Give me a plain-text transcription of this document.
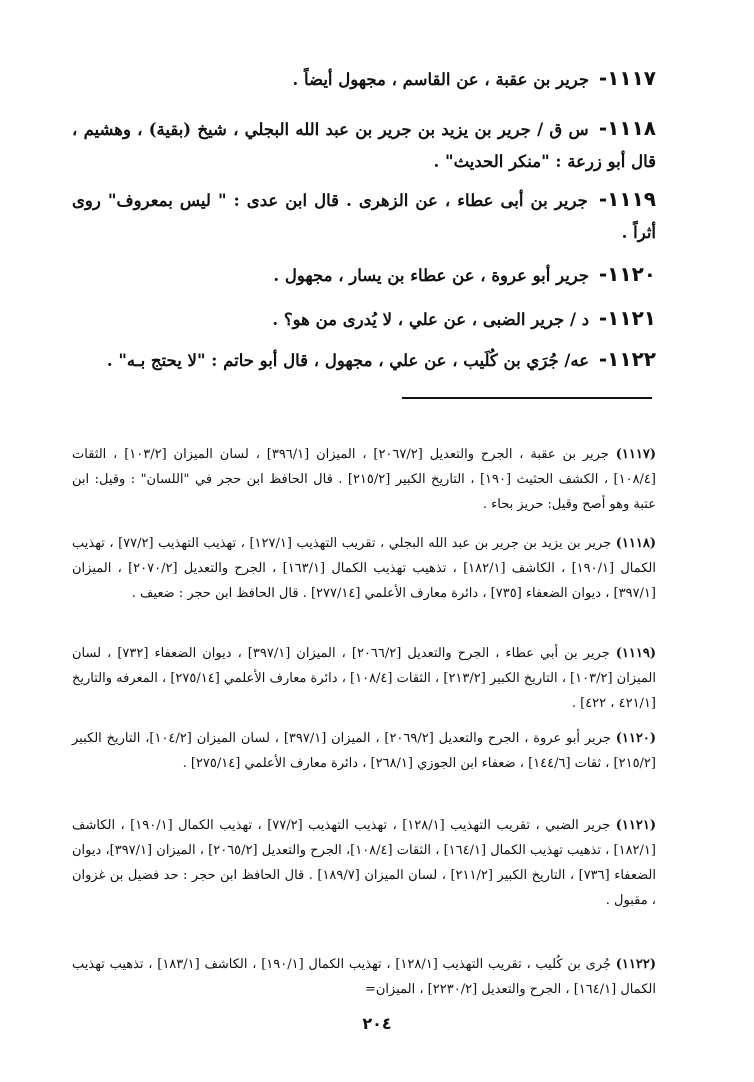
١١١٧- جرير بن عقبة ، عن القاسم ، مجهول أيضاً .
١١١٨- س ق / جرير بن يزيد بن جرير بن عبد الله البجلي ، شيخ (بقية) ، وهشيم ، قال أبو زرعة : "منكر الحديث" .
١١١٩- جرير بن أبى عطاء ، عن الزهرى . قال ابن عدى : " ليس بمعروف" روى أثراً .
١١٢٠- جرير أبو عروة ، عن عطاء بن يسار ، مجهول .
١١٢١- د / جرير الضبى ، عن علي ، لا يُدرى من هو؟ .
١١٢٢- عه/ جُرَي بن كُلَيب ، عن علي ، مجهول ، قال أبو حاتم : "لا يحتج بـه" .
(١١١٧) جرير بن عقبة ، الجرح والتعديل [٢٠٦٧/٢] ، الميزان [٣٩٦/١] ، لسان الميزان [١٠٣/٢] ، الثقات [١٠٨/٤] ، الكشف الحثيث [١٩٠] ، التاريخ الكبير [٢١٥/٢] . قال الحافظ ابن حجر في "اللسان" : وقيل: ابن عتبة وهو أصح وقيل: حريز بحاء .
(١١١٨) جرير بن يزيد بن جرير بن عبد الله البجلي ، تقريب التهذيب [١٢٧/١] ، تهذيب التهذيب [٧٧/٢] ، تهذيب الكمال [١٩٠/١] ، الكاشف [١٨٢/١] ، تذهيب تهذيب الكمال [١٦٣/١] ، الجرح والتعديل [٢٠٧٠/٢] ، الميزان [٣٩٧/١] ، ديوان الضعفاء [٧٣٥] ، دائرة معارف الأعلمي [٢٧٧/١٤] . قال الحافظ ابن حجر : ضعيف .
(١١١٩) جرير بن أبي عطاء ، الجرح والتعديل [٢٠٦٦/٢] ، الميزان [٣٩٧/١] ، ديوان الضعفاء [٧٣٢] ، لسان الميزان [١٠٣/٢] ، التاريخ الكبير [٢١٣/٢] ، الثقات [١٠٨/٤] ، دائرة معارف الأعلمي [٢٧٥/١٤] ، المعرفه والتاريخ [٤٢١/١ ، ٤٢٢] .
(١١٢٠) جرير أبو عروة ، الجرح والتعديل [٢٠٦٩/٢] ، الميزان [٣٩٧/١] ، لسان الميزان [١٠٤/٢]، التاريخ الكبير [٢١٥/٢] ، ثقات [١٤٤/٦] ، ضعفاء ابن الجوزي [٢٦٨/١] ، دائرة معارف الأعلمي [٢٧٥/١٤] .
(١١٢١) جرير الضبي ، تقريب التهذيب [١٢٨/١] ، تهذيب التهذيب [٧٧/٢] ، تهذيب الكمال [١٩٠/١] ، الكاشف [١٨٢/١] ، تذهيب تهذيب الكمال [١٦٤/١] ، الثقات [١٠٨/٤]، الجرح والتعديل [٢٠٦٥/٢] ، الميزان [٣٩٧/١]، ديوان الضعفاء [٧٣٦] ، التاريخ الكبير [٢١١/٢] ، لسان الميزان [١٨٩/٧] . قال الحافظ ابن حجر : حد فضيل بن غزوان ، مقبول .
(١١٢٢) جُرى بن كُليب ، تقريب التهذيب [١٢٨/١] ، تهذيب الكمال [١٩٠/١] ، الكاشف [١٨٣/١] ، تذهيب تهذيب الكمال [١٦٤/١] ، الجرح والتعديل [٢٢٣٠/٢] ، الميزان=
٢٠٤
